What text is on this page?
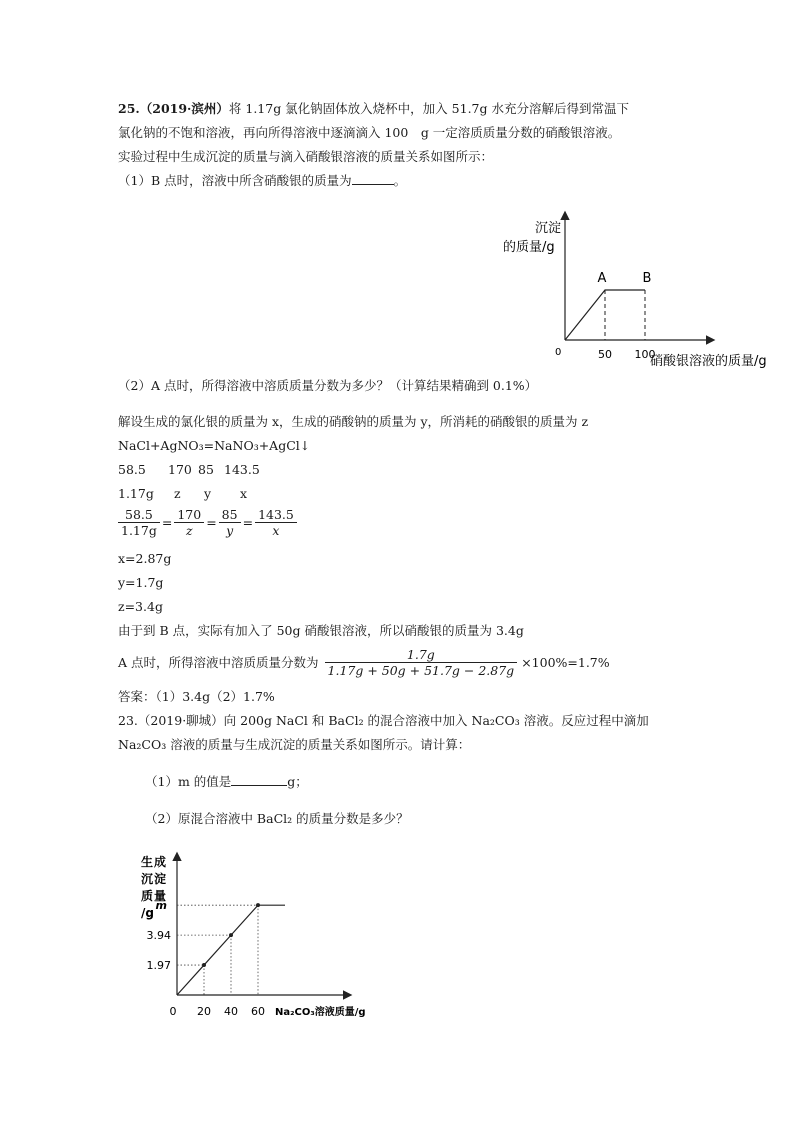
25.（2019·滨州）将 1.17g 氯化钠固体放入烧杯中，加入 51.7g 水充分溶解后得到常温下
氯化钠的不饱和溶液，再向所得溶液中逐滴滴入 100　g 一定溶质质量分数的硝酸银溶液。
实验过程中生成沉淀的质量与滴入硝酸银溶液的质量关系如图所示：
（1）B 点时，溶液中所含硝酸银的质量为	。
沉淀
的质量/g
A	B
0	50 100
硝酸银溶液的质量/g
（2）A 点时，所得溶液中溶质质量分数为多少？（计算结果精确到 0.1%）
解设生成的氯化银的质量为 x，生成的硝酸钠的质量为 y，所消耗的硝酸银的质量为 z
NaCl+AgNO₃=NaNO₃+AgCl↓
58.5 170 85 143.5
1.17g z y x
$\frac{58.5}{1.17g} = \frac{170}{z} = \frac{85}{y} = \frac{143.5}{x}$
x=2.87g
y=1.7g
z=3.4g
由于到 B 点，实际有加入了 50g 硝酸银溶液，所以硝酸银的质量为 3.4g
A 点时，所得溶液中溶质质量分数为 $\frac{1.7g}{1.17g + 50g + 51.7g - 2.87g} \times 100\%=1.7\%$
答案：（1）3.4g（2）1.7%
23.（2019·聊城）向 200g NaCl 和 BaCl₂ 的混合溶液中加入 Na₂CO₃ 溶液。反应过程中滴加
Na₂CO₃ 溶液的质量与生成沉淀的质量关系如图所示。请计算：
（1）m 的值是	g；
（2）原混合溶液中 BaCl₂ 的质量分数是多少？
生 成
沉 淀
质 量
/g
m
3.94
1.97
0 20 40 60 Na₂CO₃溶液质量/g
